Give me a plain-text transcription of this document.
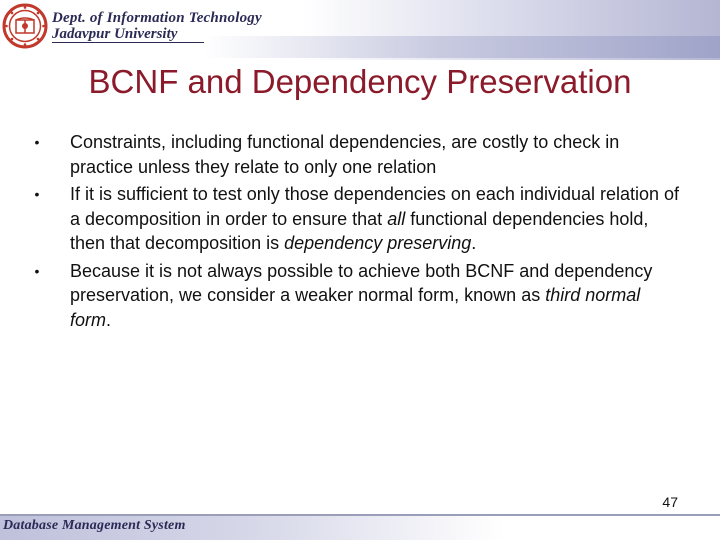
Dept. of Information Technology
Jadavpur University
BCNF and Dependency Preservation
• Constraints, including functional dependencies, are costly to check in practice unless they relate to only one relation
• If it is sufficient to test only those dependencies on each individual relation of a decomposition in order to ensure that all functional dependencies hold, then that decomposition is dependency preserving.
• Because it is not always possible to achieve both BCNF and dependency preservation, we consider a weaker normal form, known as third normal form.
47
Database Management System
